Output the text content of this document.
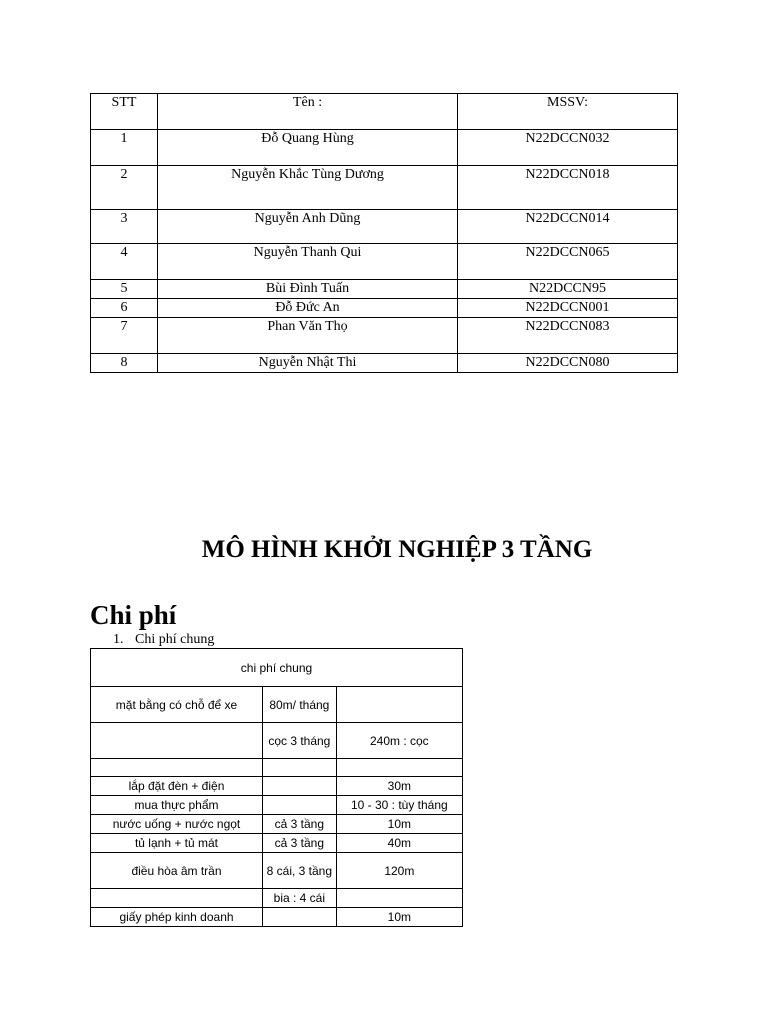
STT	Tên :	MSSV:
1	Đỗ Quang Hùng	N22DCCN032
2	Nguyễn Khắc Tùng Dương	N22DCCN018
3	Nguyễn Anh Dũng	N22DCCN014
4	Nguyễn Thanh Qui	N22DCCN065
5	Bùi Đình Tuấn	N22DCCN95
6	Đỗ Đức An	N22DCCN001
7	Phan Văn Thọ	N22DCCN083
8	Nguyễn Nhật Thi	N22DCCN080
MÔ HÌNH KHỞI NGHIỆP 3 TẦNG
Chi phí
1. Chi phí chung
chi phí chung		
mặt bằng có chỗ để xe	80m/ tháng	
	cọc 3 tháng	240m : cọc

lắp đặt đèn + điện		30m
mua thực phẩm		10 - 30 : tùy tháng
nước uống + nước ngọt	cả 3 tầng	10m
tủ lạnh + tủ mát	cả 3 tầng	40m
điều hòa âm trần	8 cái, 3 tầng	120m
	bia : 4 cái	
giấy phép kinh doanh		10m
